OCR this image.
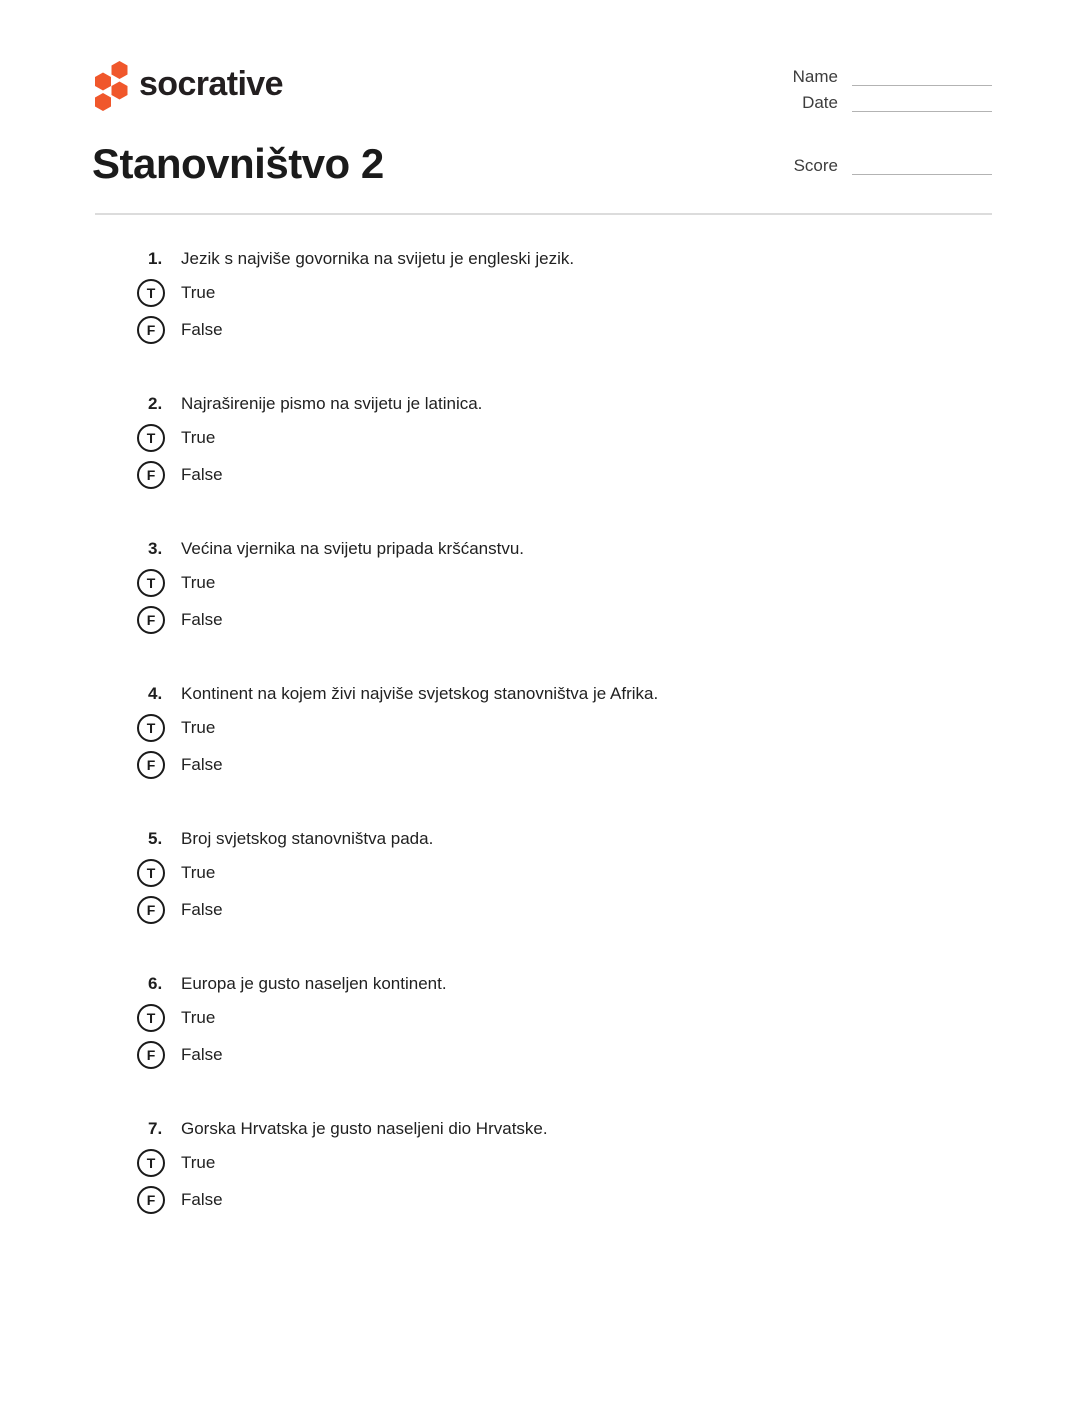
socrative
Stanovništvo 2
Name
Date
Score
1.	Jezik s najviše govornika na svijetu je engleski jezik.
T	True
F	False
2.	Najraširenije pismo na svijetu je latinica.
T	True
F	False
3.	Većina vjernika na svijetu pripada kršćanstvu.
T	True
F	False
4.	Kontinent na kojem živi najviše svjetskog stanovništva je Afrika.
T	True
F	False
5.	Broj svjetskog stanovništva pada.
T	True
F	False
6.	Europa je gusto naseljen kontinent.
T	True
F	False
7.	Gorska Hrvatska je gusto naseljeni dio Hrvatske.
T	True
F	False
